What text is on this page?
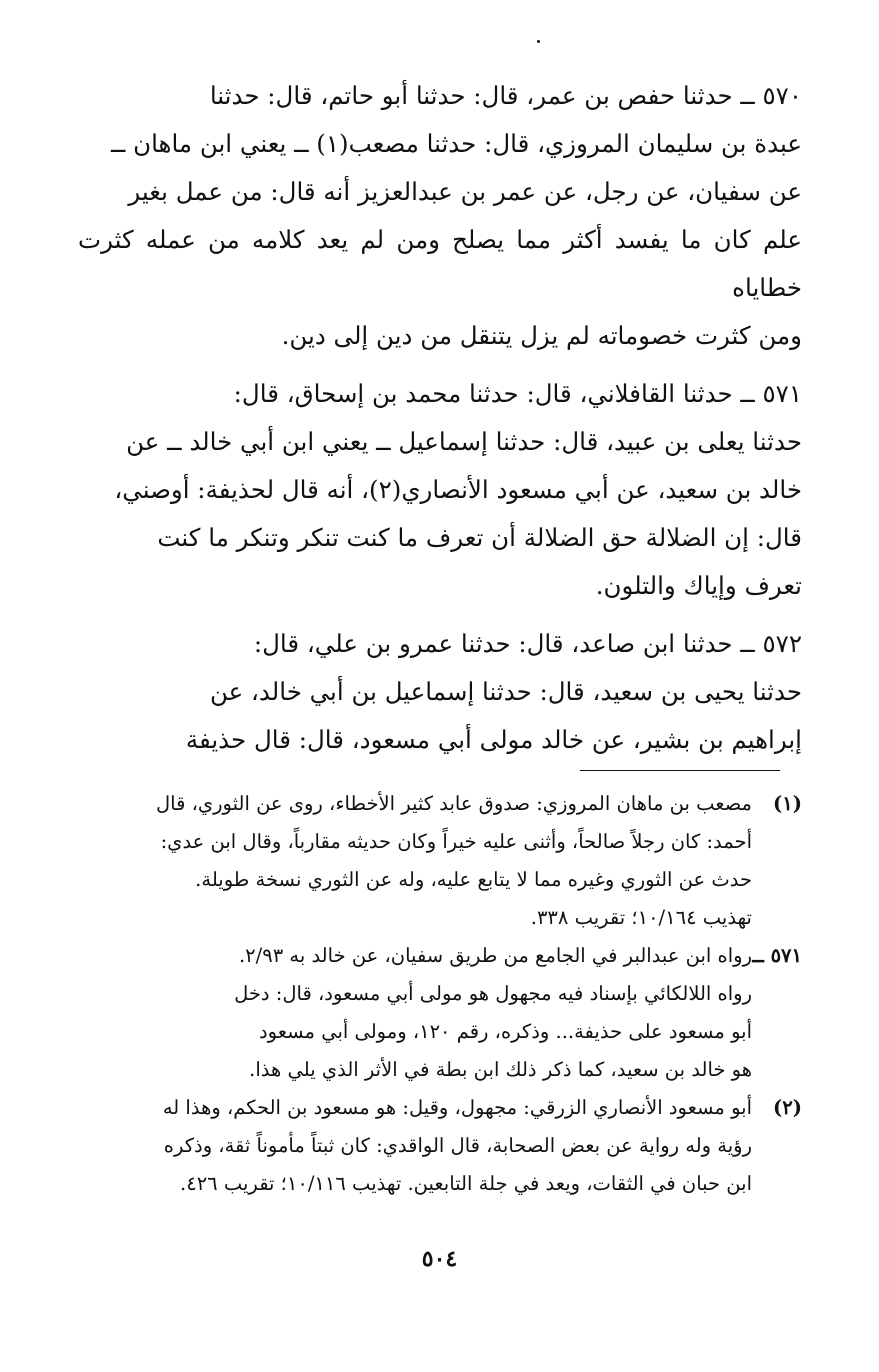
٥٧٠ ــ حدثنا حفص بن عمر، قال: حدثنا أبو حاتم، قال: حدثنا

عبدة بن سليمان المروزي، قال: حدثنا مصعب(١) ــ يعني ابن ماهان ــ

عن سفيان، عن رجل، عن عمر بن عبدالعزيز أنه قال: من عمل بغير

علم كان ما يفسد أكثر مما يصلح ومن لم يعد كلامه من عمله كثرت خطاياه

ومن كثرت خصوماته لم يزل يتنقل من دين إلى دين.

٥٧١ ــ حدثنا القافلاني، قال: حدثنا محمد بن إسحاق، قال:

حدثنا يعلى بن عبيد، قال: حدثنا إسماعيل ــ يعني ابن أبي خالد ــ عن

خالد بن سعيد، عن أبي مسعود الأنصاري(٢)، أنه قال لحذيفة: أوصني،

قال: إن الضلالة حق الضلالة أن تعرف ما كنت تنكر وتنكر ما كنت

تعرف وإياك والتلون.

٥٧٢ ــ حدثنا ابن صاعد، قال: حدثنا عمرو بن علي، قال:

حدثنا يحيى بن سعيد، قال: حدثنا إسماعيل بن أبي خالد، عن

إبراهيم بن بشير، عن خالد مولى أبي مسعود، قال: قال حذيفة

(١)
مصعب بن ماهان المروزي: صدوق عابد كثير الأخطاء، روى عن الثوري، قال
أحمد: كان رجلاً صالحاً، وأثنى عليه خيراً وكان حديثه مقارباً، وقال ابن عدي:
حدث عن الثوري وغيره مما لا يتابع عليه، وله عن الثوري نسخة طويلة.
تهذيب ١٠/١٦٤؛ تقريب ٣٣٨.
٥٧١ ــ
رواه ابن عبدالبر في الجامع من طريق سفيان، عن خالد به ٢/٩٣.
رواه اللالكائي بإسناد فيه مجهول هو مولى أبي مسعود، قال: دخل
أبو مسعود على حذيفة... وذكره، رقم ١٢٠، ومولى أبي مسعود
هو خالد بن سعيد، كما ذكر ذلك ابن بطة في الأثر الذي يلي هذا.
(٢)
أبو مسعود الأنصاري الزرقي: مجهول، وقيل: هو مسعود بن الحكم، وهذا له
رؤية وله رواية عن بعض الصحابة، قال الواقدي: كان ثبتاً مأموناً ثقة، وذكره
ابن حبان في الثقات، ويعد في جلة التابعين. تهذيب ١٠/١١٦؛ تقريب ٤٢٦.
٥٠٤
